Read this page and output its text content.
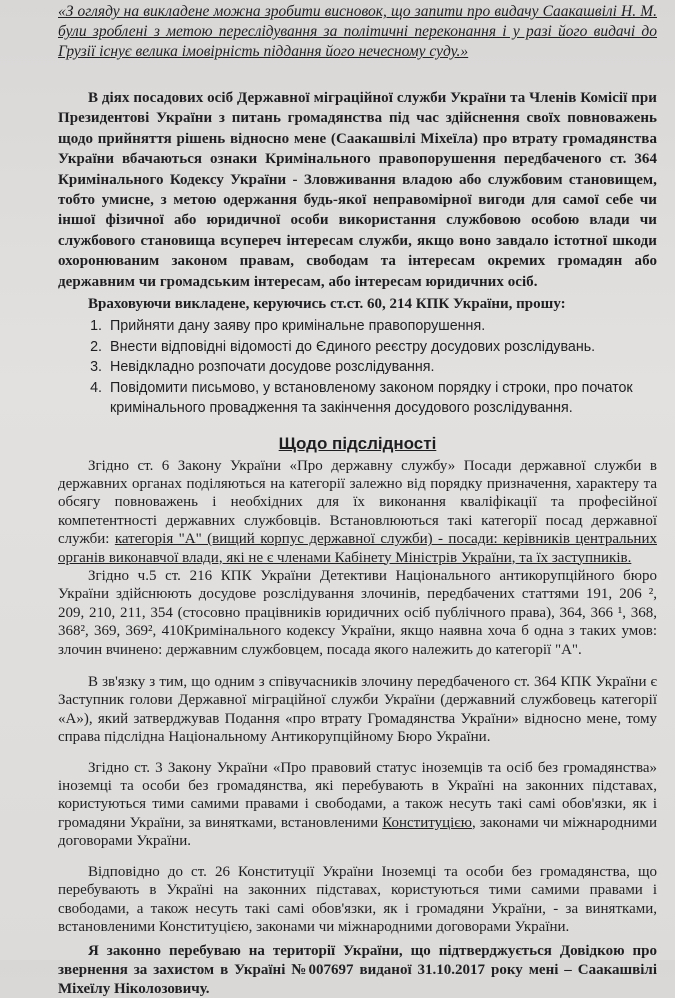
«З огляду на викладене можна зробити висновок, що запити про видачу Саакашвілі Н. М. були зроблені з метою переслідування за політичні переконання і у разі його видачі до Грузії існує велика імовірність піддання його нечесному суду.»

В діях посадових осіб Державної міграційної служби України та Членів Комісії при Президентові України з питань громадянства під час здійснення своїх повноважень щодо прийняття рішень відносно мене (Саакашвілі Міхеїла) про втрату громадянства України вбачаються ознаки Кримінального правопорушення передбаченого ст. 364 Кримінального Кодексу України - Зловживання владою або службовим становищем, тобто умисне, з метою одержання будь-якої неправомірної вигоди для самої себе чи іншої фізичної або юридичної особи використання службовою особою влади чи службового становища всупереч інтересам служби, якщо воно завдало істотної шкоди охоронюваним законом правам, свободам та інтересам окремих громадян або державним чи громадським інтересам, або інтересам юридичних осіб.

Враховуючи викладене, керуючись ст.ст. 60, 214 КПК України, прошу:

1. Прийняти дану заяву про кримінальне правопорушення.
2. Внести відповідні відомості до Єдиного реєстру досудових розслідувань.
3. Невідкладно розпочати досудове розслідування.
4. Повідомити письмово, у встановленому законом порядку і строки, про початок кримінального провадження та закінчення досудового розслідування.
Щодо підслідності

Згідно ст. 6 Закону України «Про державну службу» Посади державної служби в державних органах поділяються на категорії залежно від порядку призначення, характеру та обсягу повноважень і необхідних для їх виконання кваліфікації та професійної компетентності державних службовців. Встановлюються такі категорії посад державної служби: категорія "А" (вищий корпус державної служби) - посади: керівників центральних органів виконавчої влади, які не є членами Кабінету Міністрів України, та їх заступників.

Згідно ч.5 ст. 216 КПК України Детективи Національного антикорупційного бюро України здійснюють досудове розслідування злочинів, передбачених статтями 191, 206 ², 209, 210, 211, 354 (стосовно працівників юридичних осіб публічного права), 364, 366 ¹, 368, 368², 369, 369², 410Кримінального кодексу України, якщо наявна хоча б одна з таких умов: злочин вчинено: державним службовцем, посада якого належить до категорії "А".

В зв'язку з тим, що одним з співучасників злочину передбаченого ст. 364 КПК України є Заступник голови Державної міграційної служби України (державний службовець категорії «А»), який затверджував Подання «про втрату Громадянства України» відносно мене, тому справа підслідна Національному Антикорупційному Бюро України.

Згідно ст. 3 Закону України «Про правовий статус іноземців та осіб без громадянства» іноземці та особи без громадянства, які перебувають в Україні на законних підставах, користуються тими самими правами і свободами, а також несуть такі самі обов'язки, як і громадяни України, за винятками, встановленими Конституцією, законами чи міжнародними договорами України.

Відповідно до ст. 26 Конституції України Іноземці та особи без громадянства, що перебувають в Україні на законних підставах, користуються тими самими правами і свободами, а також несуть такі самі обов'язки, як і громадяни України, - за винятками, встановленими Конституцією, законами чи міжнародними договорами України.

Я законно перебуваю на території України, що підтверджується Довідкою про звернення за захистом в Україні №007697 виданої 31.10.2017 року мені – Саакашвілі Міхеїлу Ніколозовичу.
